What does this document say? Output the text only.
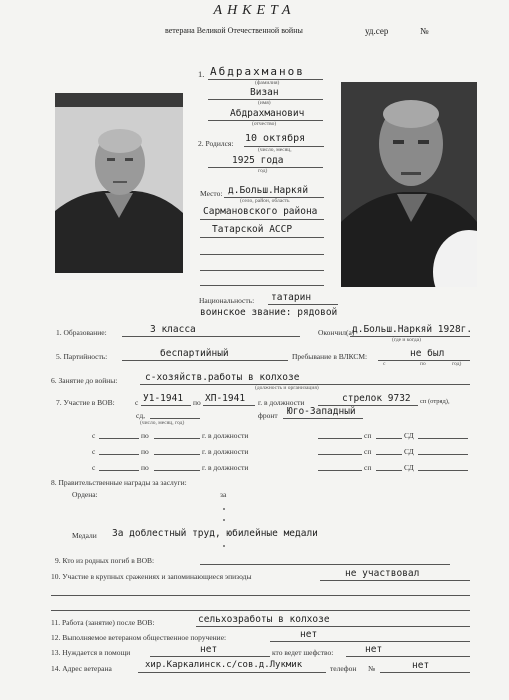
АНКЕТА
ветерана Великой Отечественной войны	уд.сер	№
1. Абдрахманов
(фамилия)
Визан
(имя)
Абдрахманович
(отчество)
2. Родился: 10 октября
(число, месяц,
1925 года
год)
Место: д.Больш.Наркяй
(село, район, область
Сармановского района
Татарской АССР
Национальность: татарин
воинское звание: рядовой
1. Образование:	3 класса	Окончил(а)
д.Больш.Наркяй 1928г.
(где и когда)
5. Партийность:	беспартийный	Пребывание в ВЛКСМ:	не был
с	по	год)
6. Занятие до войны:	с-хозяйств.работы в колхозе
(должность и организация)
7. Участие в ВОВ:	с У1-1941 по ХП-1941 г. в должности	стрелок 9732 сп (отряд),
сд,
(число, месяц, год)
фронт Юго-Западный
с	по	г. в должности	сп	СД
с	по	г. в должности	сп	СД
с	по	г. в должности	сп	СД
8. Правительственные награды за заслуги:
Ордена:	за
Медали За доблестный труд, юбилейные медали
9. Кто из родных погиб в ВОВ:
10. Участие в крупных сражениях и запоминающиеся эпизоды	не участвовал
11. Работа (занятие) после ВОВ:	сельхозработы в колхозе
12. Выполняемое ветераном общественное поручение:	нет
13. Нуждается в помощи	нет	кто ведет шефство:	нет
14. Адрес ветерана	хир.Каркалинск.с/сов.д.Лукмик	телефон №	нет
